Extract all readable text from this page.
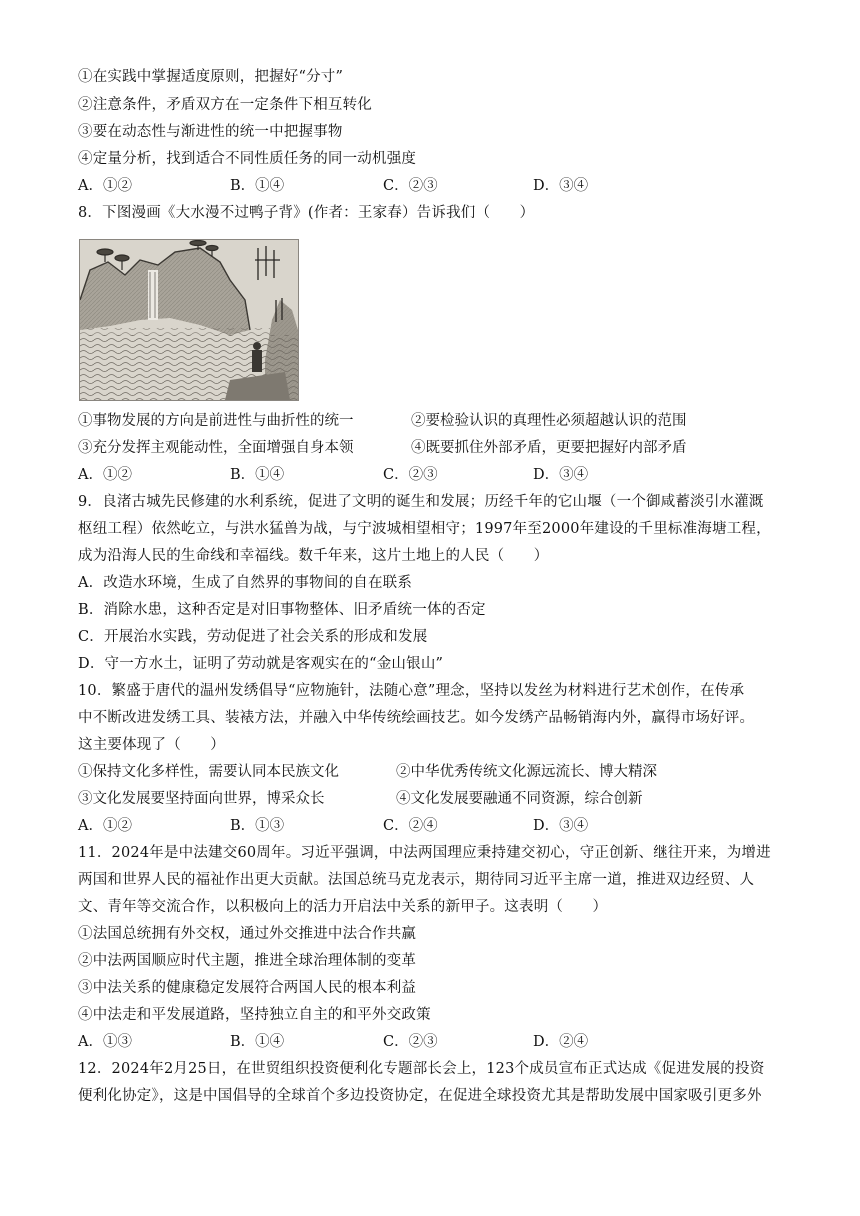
①在实践中掌握适度原则，把握好“分寸”
②注意条件，矛盾双方在一定条件下相互转化
③要在动态性与渐进性的统一中把握事物
④定量分析，找到适合不同性质任务的同一动机强度
A．①②	B．①④	C．②③	D．③④
8．下图漫画《大水漫不过鸭子背》(作者：王家春）告诉我们（　　）
①事物发展的方向是前进性与曲折性的统一	②要检验认识的真理性必须超越认识的范围
③充分发挥主观能动性，全面增强自身本领	④既要抓住外部矛盾，更要把握好内部矛盾
A．①②	B．①④	C．②③	D．③④
9．良渚古城先民修建的水利系统，促进了文明的诞生和发展；历经千年的它山堰（一个御咸蓄淡引水灌溉
枢纽工程）依然屹立，与洪水猛兽为战，与宁波城相望相守；1997年至2000年建设的千里标准海塘工程，
成为沿海人民的生命线和幸福线。数千年来，这片土地上的人民（　　）
A．改造水环境，生成了自然界的事物间的自在联系
B．消除水患，这种否定是对旧事物整体、旧矛盾统一体的否定
C．开展治水实践，劳动促进了社会关系的形成和发展
D．守一方水土，证明了劳动就是客观实在的“金山银山”
10．繁盛于唐代的温州发绣倡导“应物施针，法随心意”理念，坚持以发丝为材料进行艺术创作，在传承
中不断改进发绣工具、装裱方法，并融入中华传统绘画技艺。如今发绣产品畅销海内外，赢得市场好评。
这主要体现了（　　）
①保持文化多样性，需要认同本民族文化	②中华优秀传统文化源远流长、博大精深
③文化发展要坚持面向世界，博采众长	④文化发展要融通不同资源，综合创新
A．①②	B．①③	C．②④	D．③④
11．2024年是中法建交60周年。习近平强调，中法两国理应秉持建交初心，守正创新、继往开来，为增进
两国和世界人民的福祉作出更大贡献。法国总统马克龙表示，期待同习近平主席一道，推进双边经贸、人
文、青年等交流合作，以积极向上的活力开启法中关系的新甲子。这表明（　　）
①法国总统拥有外交权，通过外交推进中法合作共赢
②中法两国顺应时代主题，推进全球治理体制的变革
③中法关系的健康稳定发展符合两国人民的根本利益
④中法走和平发展道路，坚持独立自主的和平外交政策
A．①③	B．①④	C．②③	D．②④
12．2024年2月25日，在世贸组织投资便利化专题部长会上，123个成员宣布正式达成《促进发展的投资
便利化协定》，这是中国倡导的全球首个多边投资协定，在促进全球投资尤其是帮助发展中国家吸引更多外
